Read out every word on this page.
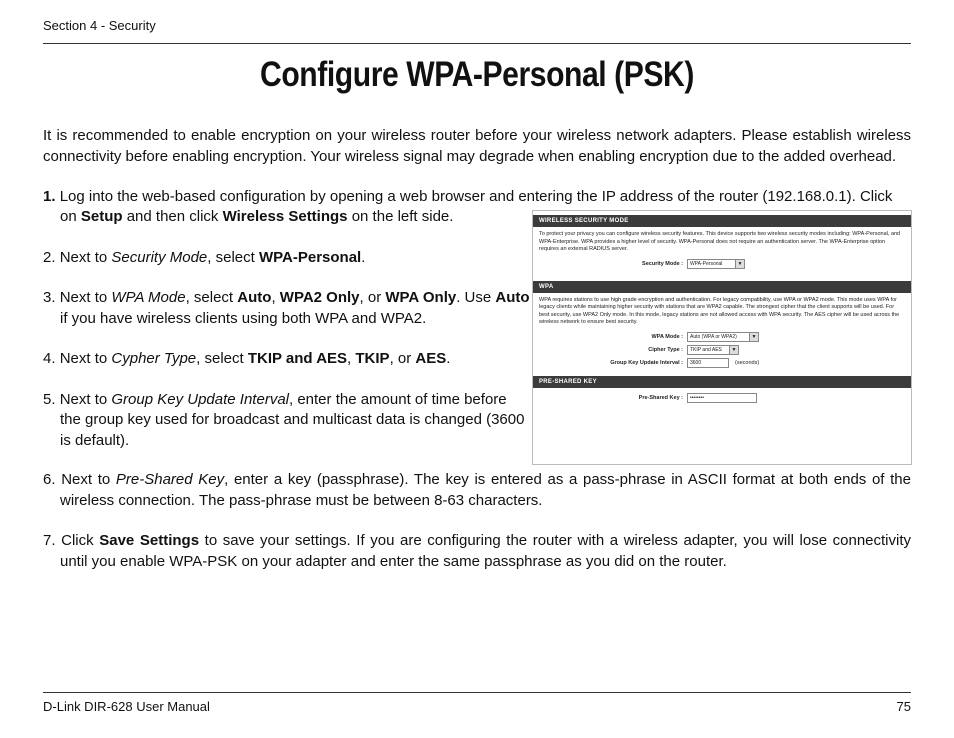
Section 4 - Security
Configure WPA-Personal (PSK)
It is recommended to enable encryption on your wireless router before your wireless network adapters. Please establish wireless connectivity before enabling encryption. Your wireless signal may degrade when enabling encryption due to the added overhead.
1. Log into the web-based configuration by opening a web browser and entering the IP address of the router (192.168.0.1). Click
on Setup and then click Wireless Settings on the left side.
2. Next to Security Mode, select WPA-Personal.
3. Next to WPA Mode, select Auto, WPA2 Only, or WPA Only. Use Auto
if you have wireless clients using both WPA and WPA2.
4. Next to Cypher Type, select TKIP and AES, TKIP, or AES.
5. Next to Group Key Update Interval, enter the amount of time before
the group key used for broadcast and multicast data is changed (3600
is default).
6. Next to Pre-Shared Key, enter a key (passphrase). The key is entered as a pass-phrase in ASCII format at both ends of the wireless connection. The pass-phrase must be between 8-63 characters.
7. Click Save Settings to save your settings. If you are configuring the router with a wireless adapter, you will lose connectivity until you enable WPA-PSK on your adapter and enter the same passphrase as you did on the router.
WIRELESS SECURITY MODE
To protect your privacy you can configure wireless security features. This device supports two wireless security modes including: WPA-Personal, and WPA-Enterprise. WPA provides a higher level of security. WPA-Personal does not require an authentication server. The WPA-Enterprise option requires an external RADIUS server.
Security Mode :	WPA-Personal	▼
WPA
WPA requires stations to use high grade encryption and authentication. For legacy compatibility, use WPA or WPA2 mode. This mode uses WPA for legacy clients while maintaining higher security with stations that are WPA2 capable. The strongest cipher that the client supports will be used. For best security, use WPA2 Only mode. In this mode, legacy stations are not allowed access with WPA security. The AES cipher will be used across the wireless network to ensure best security.
WPA Mode :	Auto (WPA or WPA2)	▼
Cipher Type :	TKIP and AES	▼
Group Key Update Interval :	3600	(seconds)
PRE-SHARED KEY
Pre-Shared Key :	••••••••
D-Link DIR-628 User Manual	75
